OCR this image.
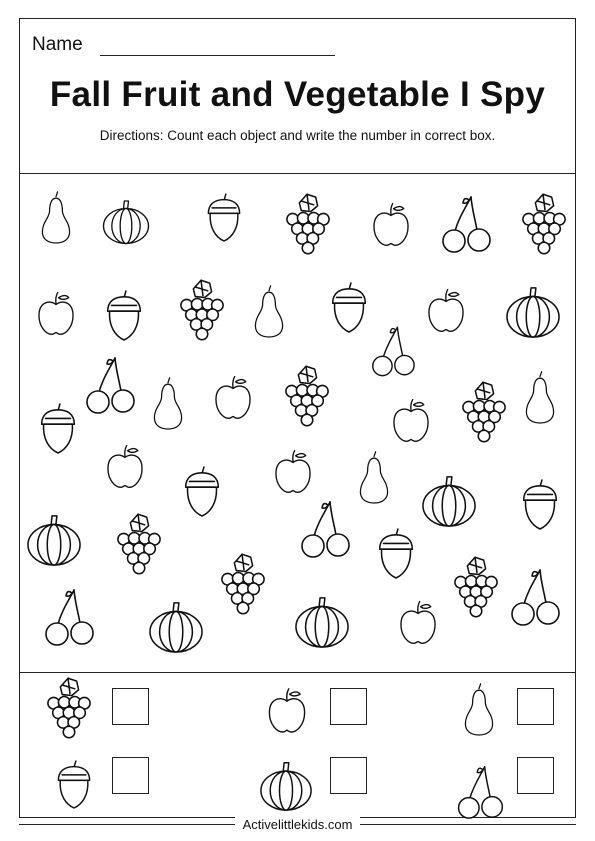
Name
Fall Fruit and Vegetable I Spy
Directions: Count each object and write the number in correct box.
Activelittlekids.com
